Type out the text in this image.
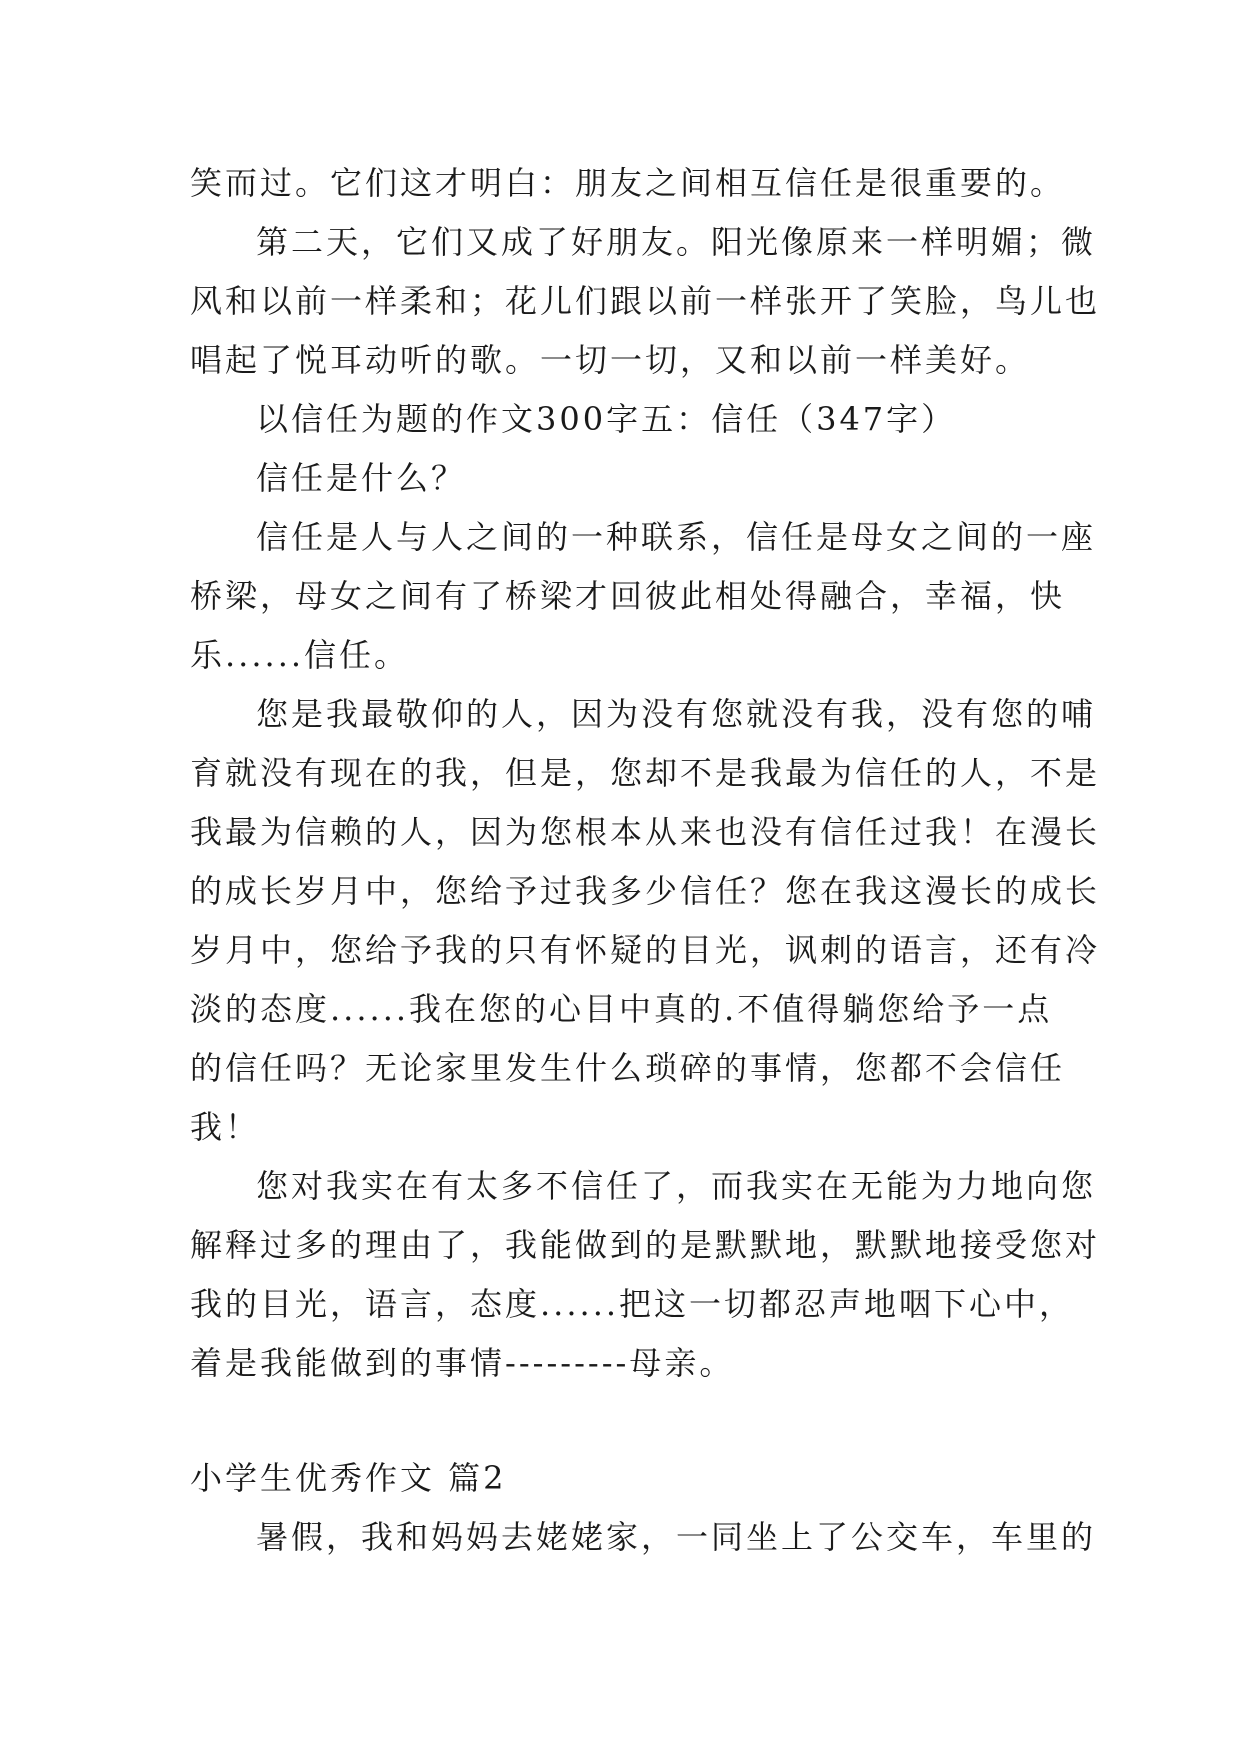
笑而过。它们这才明白：朋友之间相互信任是很重要的。
第二天，它们又成了好朋友。阳光像原来一样明媚；微
风和以前一样柔和；花儿们跟以前一样张开了笑脸，鸟儿也
唱起了悦耳动听的歌。一切一切，又和以前一样美好。
以信任为题的作文300字五：信任（347字）
信任是什么？
信任是人与人之间的一种联系，信任是母女之间的一座
桥梁，母女之间有了桥梁才回彼此相处得融合，幸福，快
乐......信任。
您是我最敬仰的人，因为没有您就没有我，没有您的哺
育就没有现在的我，但是，您却不是我最为信任的人，不是
我最为信赖的人，因为您根本从来也没有信任过我！在漫长
的成长岁月中，您给予过我多少信任？您在我这漫长的成长
岁月中，您给予我的只有怀疑的目光，讽刺的语言，还有冷
淡的态度......我在您的心目中真的.不值得躺您给予一点
的信任吗？无论家里发生什么琐碎的事情，您都不会信任
我！
您对我实在有太多不信任了，而我实在无能为力地向您
解释过多的理由了，我能做到的是默默地，默默地接受您对
我的目光，语言，态度......把这一切都忍声地咽下心中，
着是我能做到的事情---------母亲。
小学生优秀作文 篇2
暑假，我和妈妈去姥姥家，一同坐上了公交车，车里的
